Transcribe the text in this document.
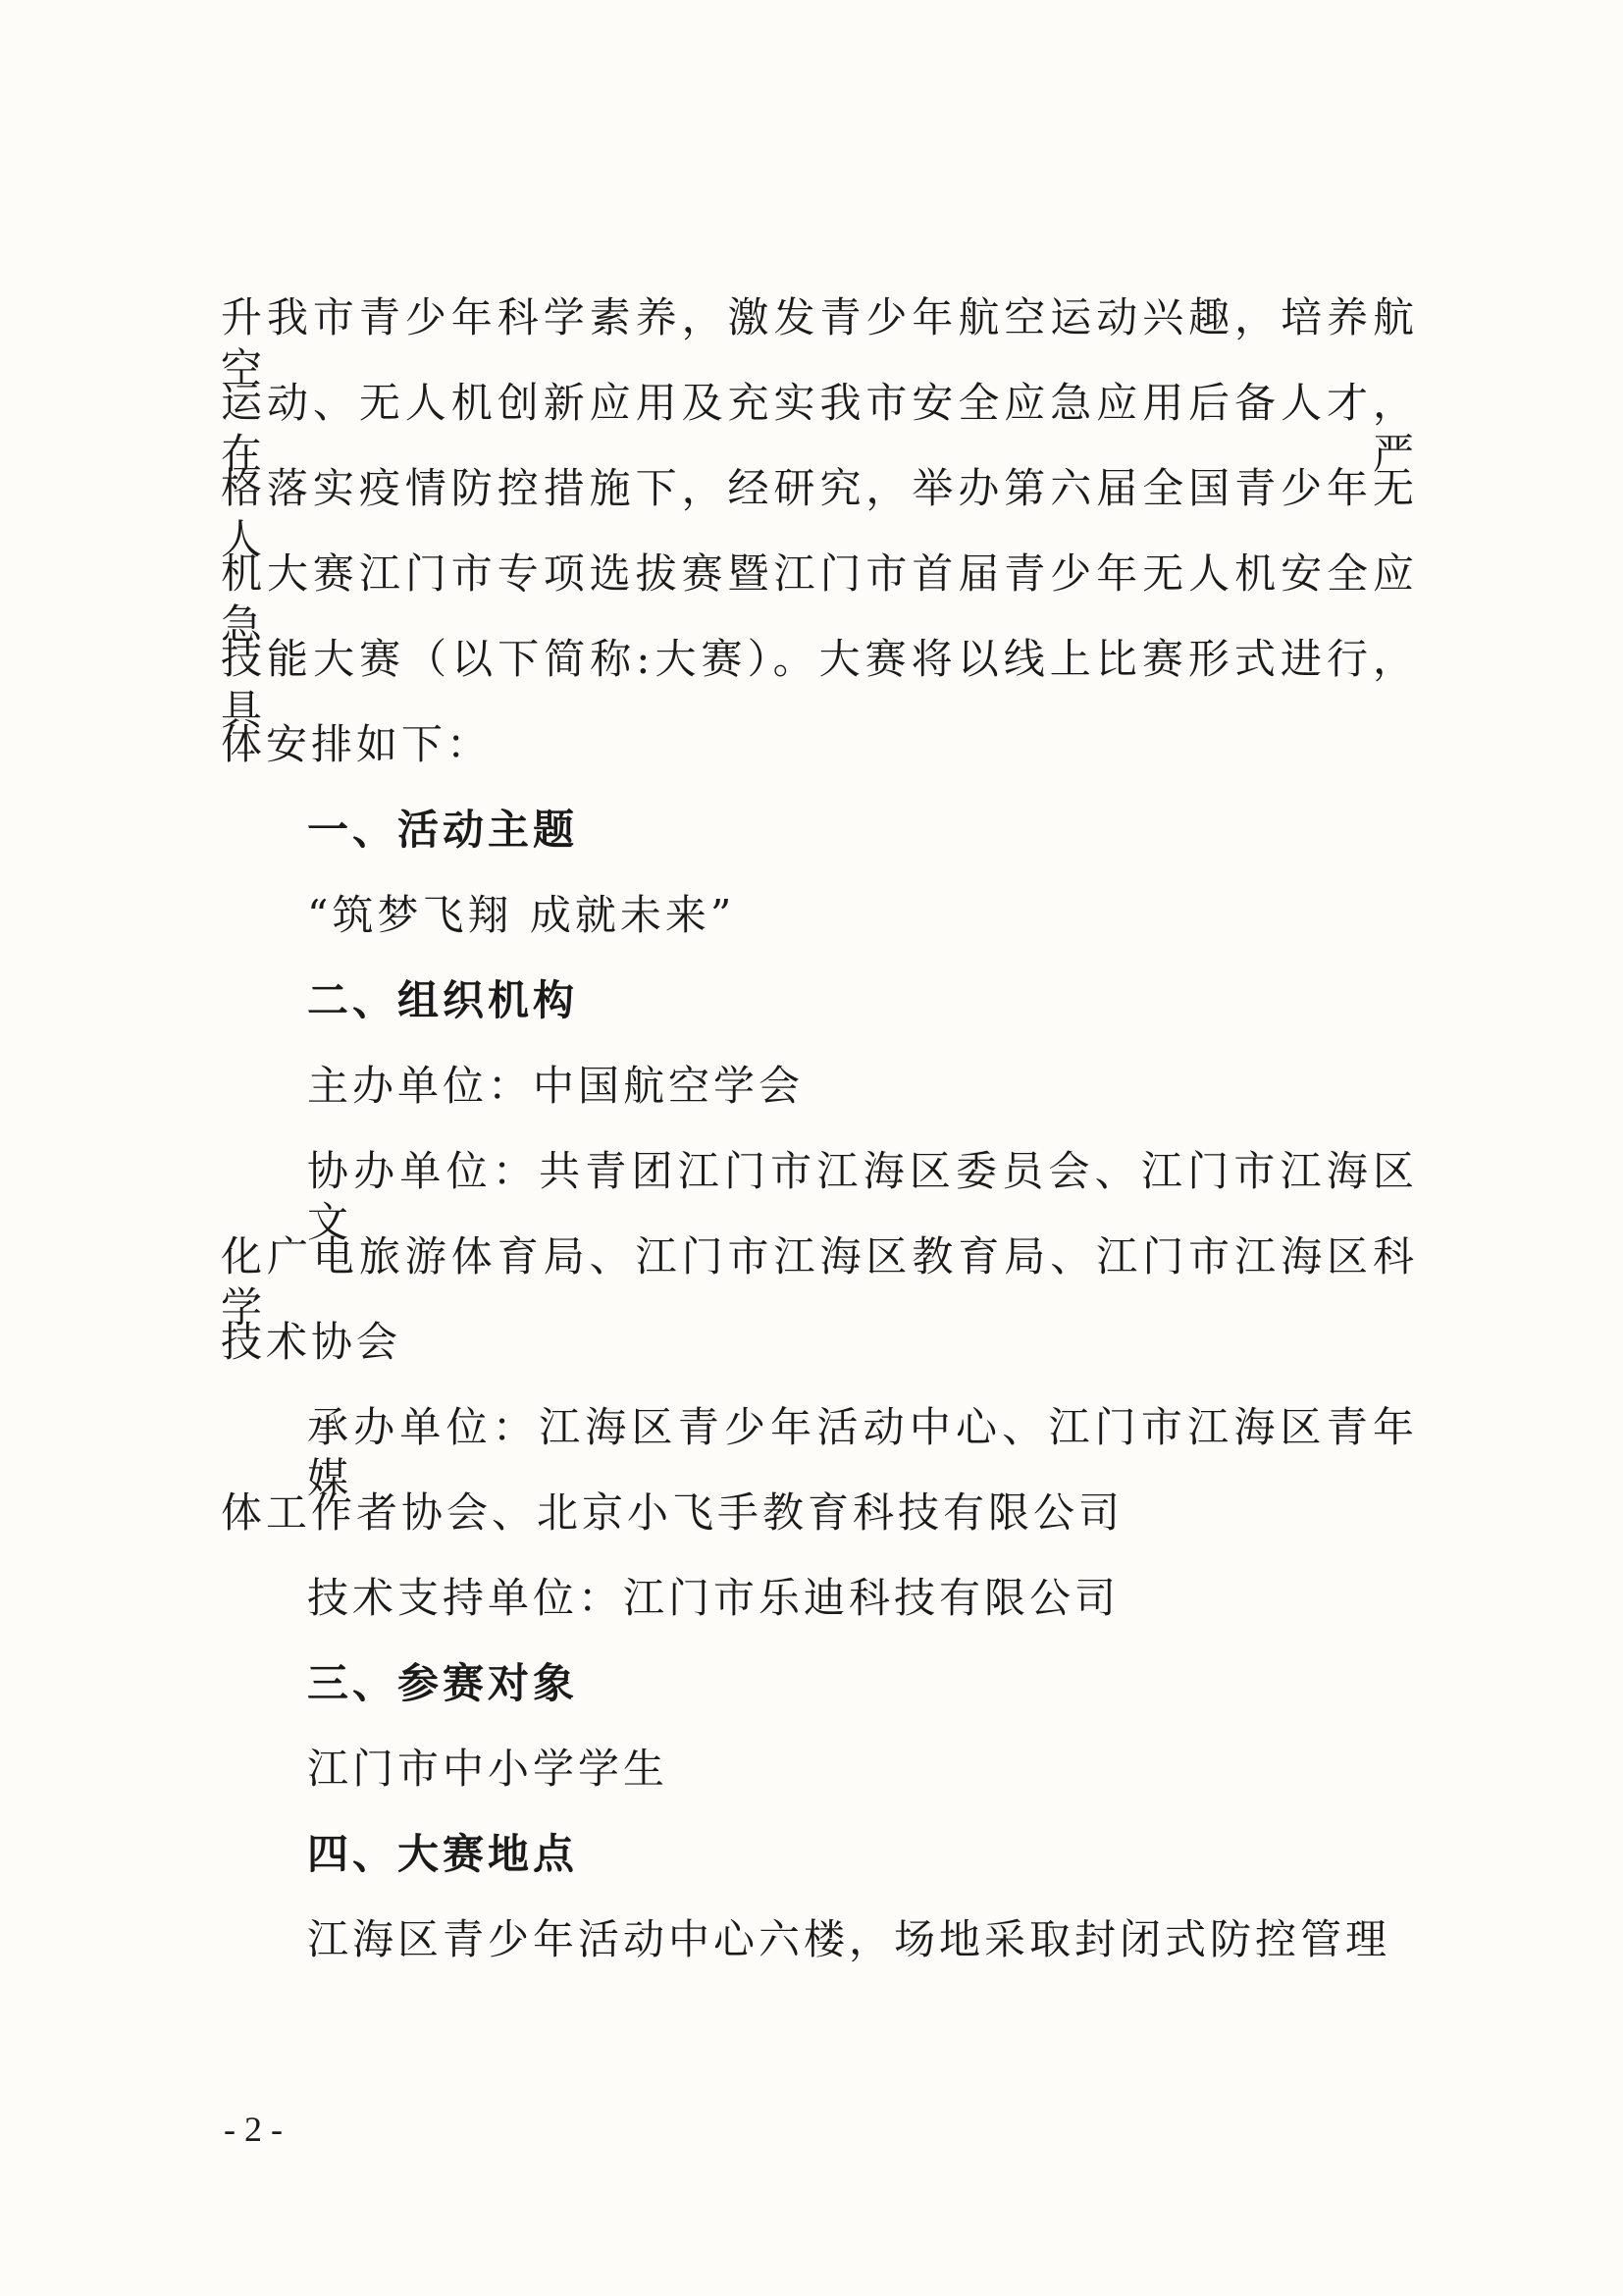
升我市青少年科学素养，激发青少年航空运动兴趣，培养航空
运动、无人机创新应用及充实我市安全应急应用后备人才，在严
格落实疫情防控措施下，经研究，举办第六届全国青少年无人
机大赛江门市专项选拔赛暨江门市首届青少年无人机安全应急
技能大赛（以下简称:大赛）。大赛将以线上比赛形式进行，具
体安排如下：
一、活动主题
“筑梦飞翔 成就未来”
二、组织机构
主办单位：中国航空学会
协办单位：共青团江门市江海区委员会、江门市江海区文
化广电旅游体育局、江门市江海区教育局、江门市江海区科学
技术协会
承办单位：江海区青少年活动中心、江门市江海区青年媒
体工作者协会、北京小飞手教育科技有限公司
技术支持单位：江门市乐迪科技有限公司
三、参赛对象
江门市中小学学生
四、大赛地点
江海区青少年活动中心六楼，场地采取封闭式防控管理
- 2 -
